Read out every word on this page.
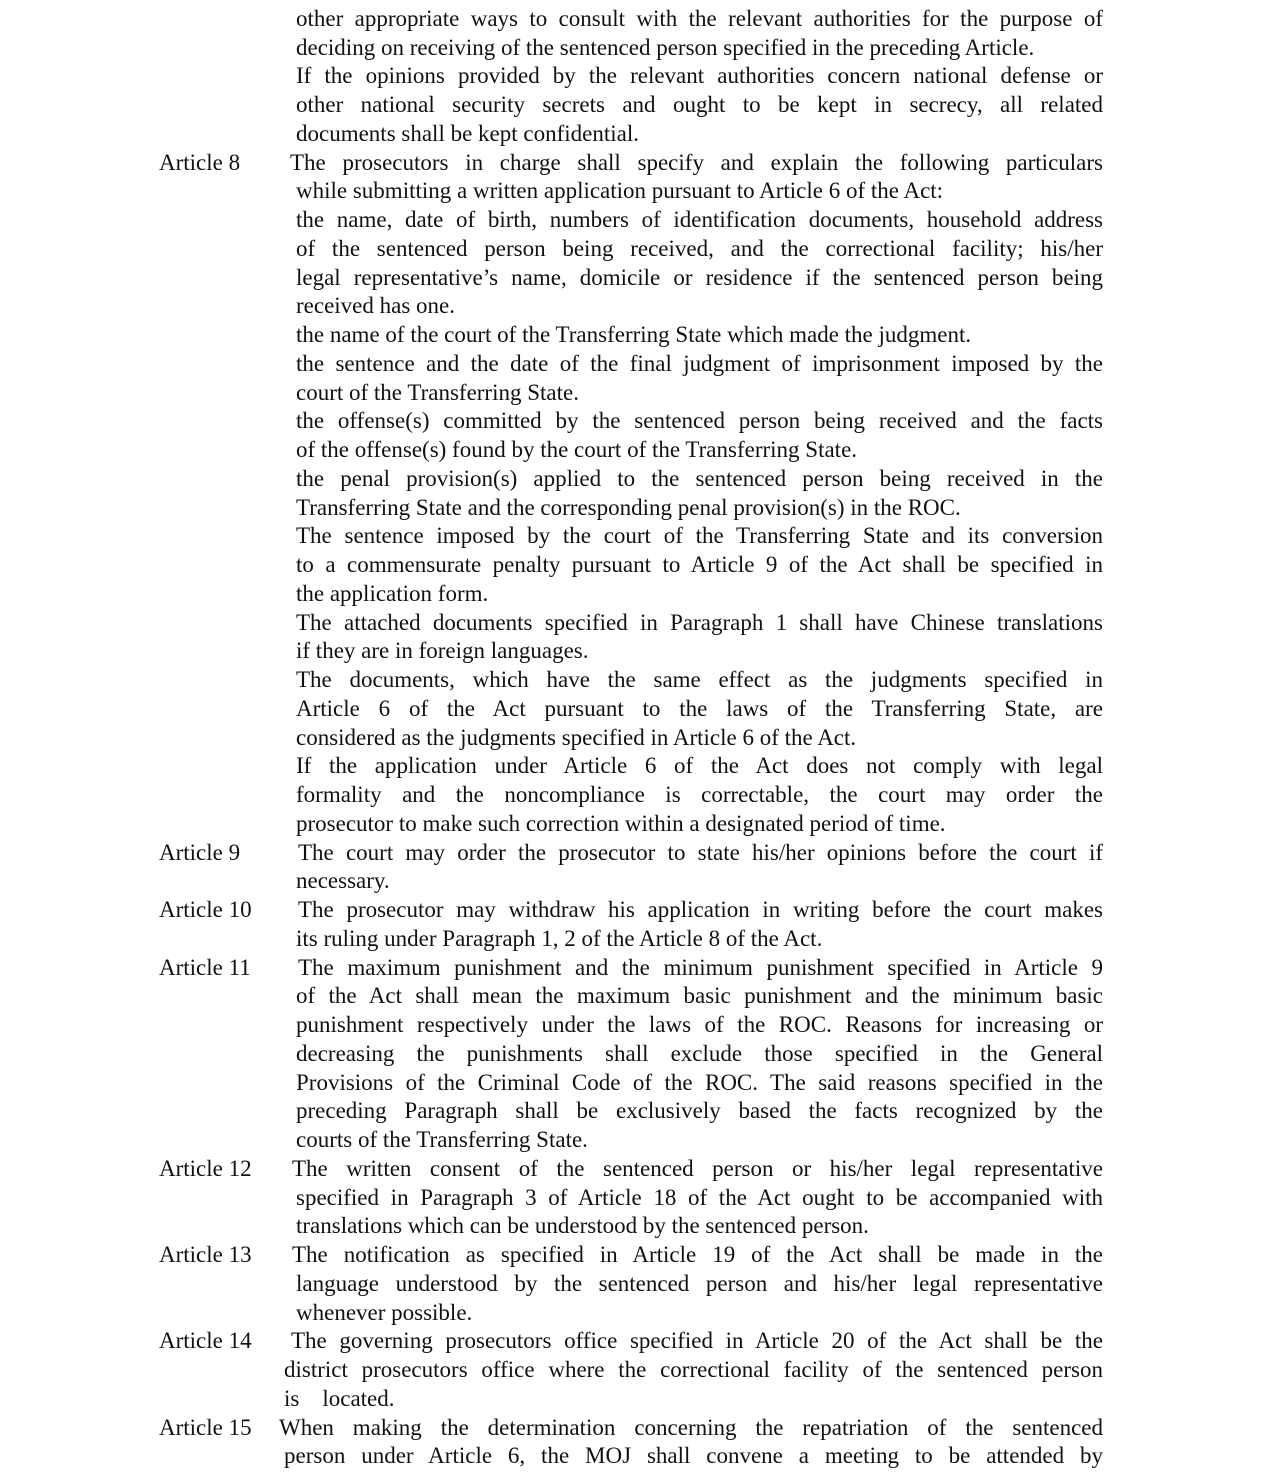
other appropriate ways to consult with the relevant authorities for the purpose of
deciding on receiving of the sentenced person specified in the preceding Article.
If the opinions provided by the relevant authorities concern national defense or
other national security secrets and ought to be kept in secrecy, all related
documents shall be kept confidential.
Article 8 The prosecutors in charge shall specify and explain the following particulars
while submitting a written application pursuant to Article 6 of the Act:
the name, date of birth, numbers of identification documents, household address
of the sentenced person being received, and the correctional facility; his/her
legal representative’s name, domicile or residence if the sentenced person being
received has one.
the name of the court of the Transferring State which made the judgment.
the sentence and the date of the final judgment of imprisonment imposed by the
court of the Transferring State.
the offense(s) committed by the sentenced person being received and the facts
of the offense(s) found by the court of the Transferring State.
the penal provision(s) applied to the sentenced person being received in the
Transferring State and the corresponding penal provision(s) in the ROC.
The sentence imposed by the court of the Transferring State and its conversion
to a commensurate penalty pursuant to Article 9 of the Act shall be specified in
the application form.
The attached documents specified in Paragraph 1 shall have Chinese translations
if they are in foreign languages.
The documents, which have the same effect as the judgments specified in
Article 6 of the Act pursuant to the laws of the Transferring State, are
considered as the judgments specified in Article 6 of the Act.
If the application under Article 6 of the Act does not comply with legal
formality and the noncompliance is correctable, the court may order the
prosecutor to make such correction within a designated period of time.
Article 9	The court may order the prosecutor to state his/her opinions before the court if
necessary.
Article 10 The prosecutor may withdraw his application in writing before the court makes
its ruling under Paragraph 1, 2 of the Article 8 of the Act.
Article 11 The maximum punishment and the minimum punishment specified in Article 9
of the Act shall mean the maximum basic punishment and the minimum basic
punishment respectively under the laws of the ROC. Reasons for increasing or
decreasing the punishments shall exclude those specified in the General
Provisions of the Criminal Code of the ROC. The said reasons specified in the
preceding Paragraph shall be exclusively based the facts recognized by the
courts of the Transferring State.
Article 12 The written consent of the sentenced person or his/her legal representative
specified in Paragraph 3 of Article 18 of the Act ought to be accompanied with
translations which can be understood by the sentenced person.
Article 13 The notification as specified in Article 19 of the Act shall be made in the
language understood by the sentenced person and his/her legal representative
whenever possible.
Article 14 The governing prosecutors office specified in Article 20 of the Act shall be the
district prosecutors office where the correctional facility of the sentenced person
is    located.
Article 15 When making the determination concerning the repatriation of the sentenced
person under Article 6, the MOJ shall convene a meeting to be attended by
